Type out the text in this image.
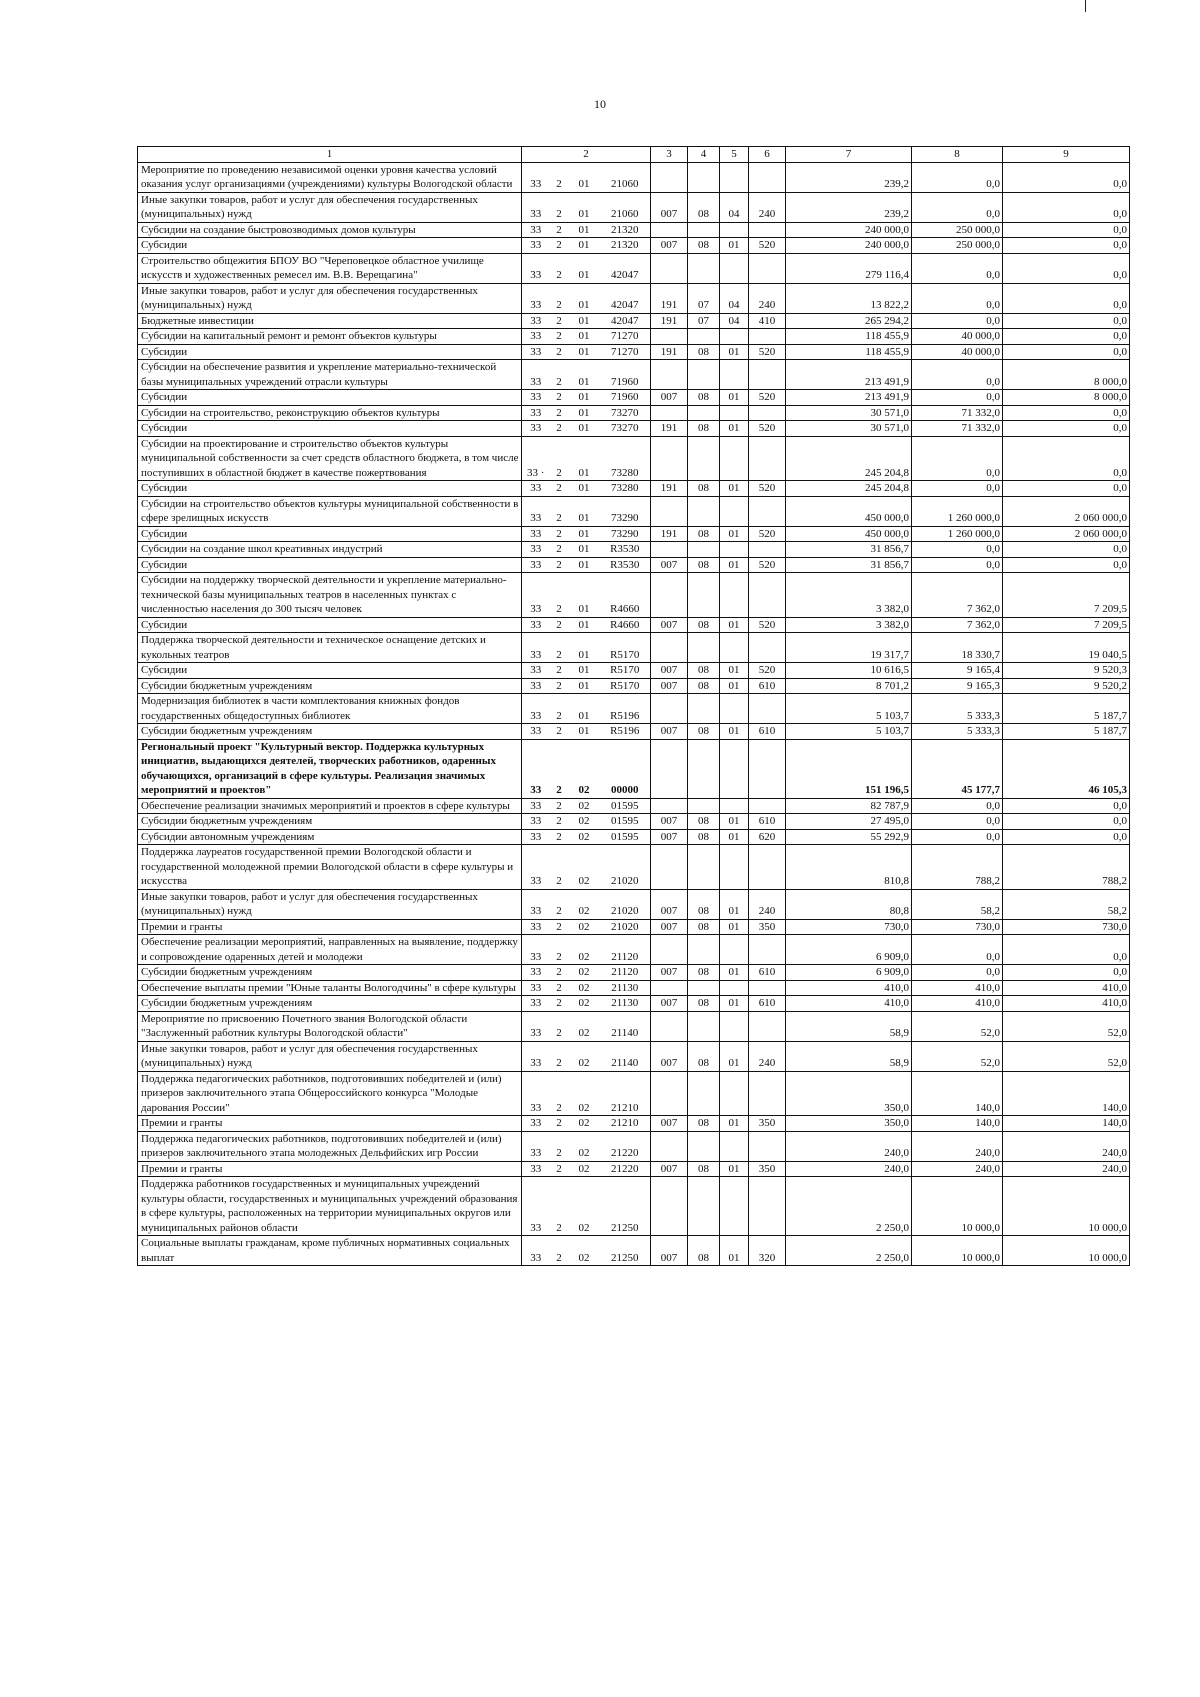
10
1	2				3	4	5	6	7	8	9
Мероприятие по проведению независимой оценки уровня качества условий оказания услуг организациями (учреждениями) культуры Вологодской области	33	2	01	21060					239,2	0,0	0,0
Иные закупки товаров, работ и услуг для обеспечения государственных (муниципальных) нужд	33	2	01	21060	007	08	04	240	239,2	0,0	0,0
Субсидии на создание быстровозводимых домов культуры	33	2	01	21320					240 000,0	250 000,0	0,0
Субсидии	33	2	01	21320	007	08	01	520	240 000,0	250 000,0	0,0
Строительство общежития БПОУ ВО "Череповецкое областное училище искусств и художественных ремесел им. В.В. Верещагина"	33	2	01	42047					279 116,4	0,0	0,0
Иные закупки товаров, работ и услуг для обеспечения государственных (муниципальных) нужд	33	2	01	42047	191	07	04	240	13 822,2	0,0	0,0
Бюджетные инвестиции	33	2	01	42047	191	07	04	410	265 294,2	0,0	0,0
Субсидии на капитальный ремонт и ремонт объектов культуры	33	2	01	71270					118 455,9	40 000,0	0,0
Субсидии	33	2	01	71270	191	08	01	520	118 455,9	40 000,0	0,0
Субсидии на обеспечение развития и укрепление материально-технической базы муниципальных учреждений отрасли культуры	33	2	01	71960					213 491,9	0,0	8 000,0
Субсидии	33	2	01	71960	007	08	01	520	213 491,9	0,0	8 000,0
Субсидии на строительство, реконструкцию объектов культуры	33	2	01	73270					30 571,0	71 332,0	0,0
Субсидии	33	2	01	73270	191	08	01	520	30 571,0	71 332,0	0,0
Субсидии на проектирование и строительство объектов культуры муниципальной собственности за счет средств областного бюджета, в том числе поступивших в областной бюджет в качестве пожертвования	33 ·	2	01	73280					245 204,8	0,0	0,0
Субсидии	33	2	01	73280	191	08	01	520	245 204,8	0,0	0,0
Субсидии на строительство объектов культуры муниципальной собственности в сфере зрелищных искусств	33	2	01	73290					450 000,0	1 260 000,0	2 060 000,0
Субсидии	33	2	01	73290	191	08	01	520	450 000,0	1 260 000,0	2 060 000,0
Субсидии на создание школ креативных индустрий	33	2	01	R3530					31 856,7	0,0	0,0
Субсидии	33	2	01	R3530	007	08	01	520	31 856,7	0,0	0,0
Субсидии на поддержку творческой деятельности и укрепление материально-технической базы муниципальных театров в населенных пунктах с численностью населения до 300 тысяч человек	33	2	01	R4660					3 382,0	7 362,0	7 209,5
Субсидии	33	2	01	R4660	007	08	01	520	3 382,0	7 362,0	7 209,5
Поддержка творческой деятельности и техническое оснащение детских и кукольных театров	33	2	01	R5170					19 317,7	18 330,7	19 040,5
Субсидии	33	2	01	R5170	007	08	01	520	10 616,5	9 165,4	9 520,3
Субсидии бюджетным учреждениям	33	2	01	R5170	007	08	01	610	8 701,2	9 165,3	9 520,2
Модернизация библиотек в части комплектования книжных фондов государственных общедоступных библиотек	33	2	01	R5196					5 103,7	5 333,3	5 187,7
Субсидии бюджетным учреждениям	33	2	01	R5196	007	08	01	610	5 103,7	5 333,3	5 187,7
Региональный проект "Культурный вектор. Поддержка культурных инициатив, выдающихся деятелей, творческих работников, одаренных обучающихся, организаций в сфере культуры. Реализация значимых мероприятий и проектов"	33	2	02	00000					151 196,5	45 177,7	46 105,3
Обеспечение реализации значимых мероприятий и проектов в сфере культуры	33	2	02	01595					82 787,9	0,0	0,0
Субсидии бюджетным учреждениям	33	2	02	01595	007	08	01	610	27 495,0	0,0	0,0
Субсидии автономным учреждениям	33	2	02	01595	007	08	01	620	55 292,9	0,0	0,0
Поддержка лауреатов государственной премии Вологодской области и государственной молодежной премии Вологодской области в сфере культуры и искусства	33	2	02	21020					810,8	788,2	788,2
Иные закупки товаров, работ и услуг для обеспечения государственных (муниципальных) нужд	33	2	02	21020	007	08	01	240	80,8	58,2	58,2
Премии и гранты	33	2	02	21020	007	08	01	350	730,0	730,0	730,0
Обеспечение реализации мероприятий, направленных на выявление, поддержку и сопровождение одаренных детей и молодежи	33	2	02	21120					6 909,0	0,0	0,0
Субсидии бюджетным учреждениям	33	2	02	21120	007	08	01	610	6 909,0	0,0	0,0
Обеспечение выплаты премии "Юные таланты Вологодчины" в сфере культуры	33	2	02	21130					410,0	410,0	410,0
Субсидии бюджетным учреждениям	33	2	02	21130	007	08	01	610	410,0	410,0	410,0
Мероприятие по присвоению Почетного звания Вологодской области "Заслуженный работник культуры Вологодской области"	33	2	02	21140					58,9	52,0	52,0
Иные закупки товаров, работ и услуг для обеспечения государственных (муниципальных) нужд	33	2	02	21140	007	08	01	240	58,9	52,0	52,0
Поддержка педагогических работников, подготовивших победителей и (или) призеров заключительного этапа Общероссийского конкурса "Молодые дарования России"	33	2	02	21210					350,0	140,0	140,0
Премии и гранты	33	2	02	21210	007	08	01	350	350,0	140,0	140,0
Поддержка педагогических работников, подготовивших победителей и (или) призеров заключительного этапа молодежных Дельфийских игр России	33	2	02	21220					240,0	240,0	240,0
Премии и гранты	33	2	02	21220	007	08	01	350	240,0	240,0	240,0
Поддержка работников государственных и муниципальных учреждений культуры области, государственных и муниципальных учреждений образования в сфере культуры, расположенных на территории муниципальных округов или муниципальных районов области	33	2	02	21250					2 250,0	10 000,0	10 000,0
Социальные выплаты гражданам, кроме публичных нормативных социальных выплат	33	2	02	21250	007	08	01	320	2 250,0	10 000,0	10 000,0
